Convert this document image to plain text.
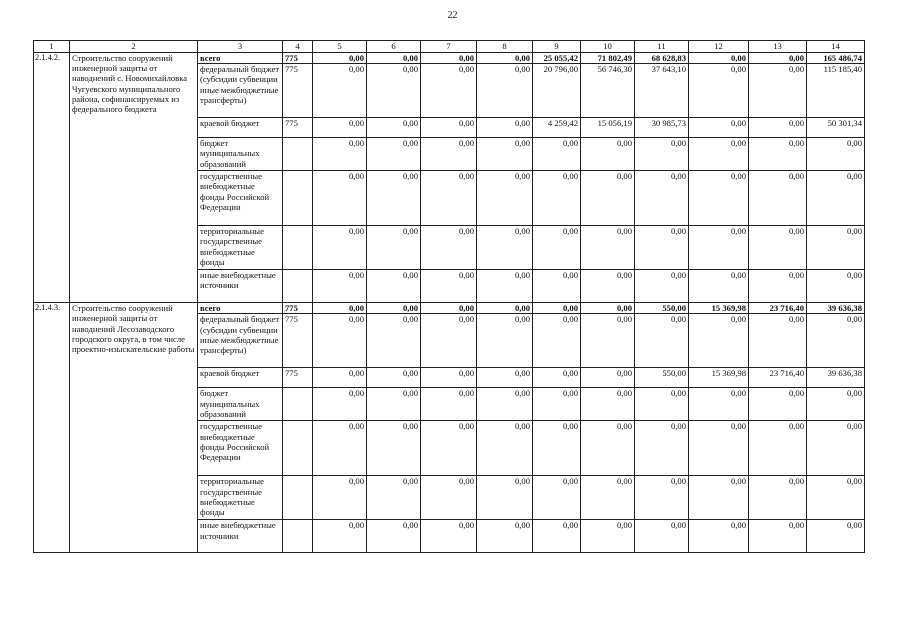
22
1	2	3	4	5	6	7	8	9	10	11	12	13	14
2.1.4.2.	Строительство сооружений инженерной защиты от наводнений с. Новомихайловка Чугуевского муниципального района, софинансируемых из федерального бюджета	всего	775	0,00	0,00	0,00	0,00	25 055,42	71 802,49	68 628,83	0,00	0,00	165 486,74
		федеральный бюджет (субсидии субвенции иные межбюджетные трансферты)	775	0,00	0,00	0,00	0,00	20 796,00	56 746,30	37 643,10	0,00	0,00	115 185,40
		краевой бюджет	775	0,00	0,00	0,00	0,00	4 259,42	15 056,19	30 985,73	0,00	0,00	50 301,34
		бюджет муниципальных образований		0,00	0,00	0,00	0,00	0,00	0,00	0,00	0,00	0,00	0,00
		государственные внебюджетные фонды Российской Федерации		0,00	0,00	0,00	0,00	0,00	0,00	0,00	0,00	0,00	0,00
		территориальные государственные внебюджетные фонды		0,00	0,00	0,00	0,00	0,00	0,00	0,00	0,00	0,00	0,00
		иные внебюджетные источники		0,00	0,00	0,00	0,00	0,00	0,00	0,00	0,00	0,00	0,00
2.1.4.3.	Строительство сооружений инженерной защиты от наводнений Лесозаводского городского округа, в том числе проектно-изыскательские работы	всего	775	0,00	0,00	0,00	0,00	0,00	0,00	550,00	15 369,98	23 716,40	39 636,38
		федеральный бюджет (субсидии субвенции иные межбюджетные трансферты)	775	0,00	0,00	0,00	0,00	0,00	0,00	0,00	0,00	0,00	0,00
		краевой бюджет	775	0,00	0,00	0,00	0,00	0,00	0,00	550,00	15 369,98	23 716,40	39 636,38
		бюджет муниципальных образований		0,00	0,00	0,00	0,00	0,00	0,00	0,00	0,00	0,00	0,00
		государственные внебюджетные фонды Российской Федерации		0,00	0,00	0,00	0,00	0,00	0,00	0,00	0,00	0,00	0,00
		территориальные государственные внебюджетные фонды		0,00	0,00	0,00	0,00	0,00	0,00	0,00	0,00	0,00	0,00
		иные внебюджетные источники		0,00	0,00	0,00	0,00	0,00	0,00	0,00	0,00	0,00	0,00
